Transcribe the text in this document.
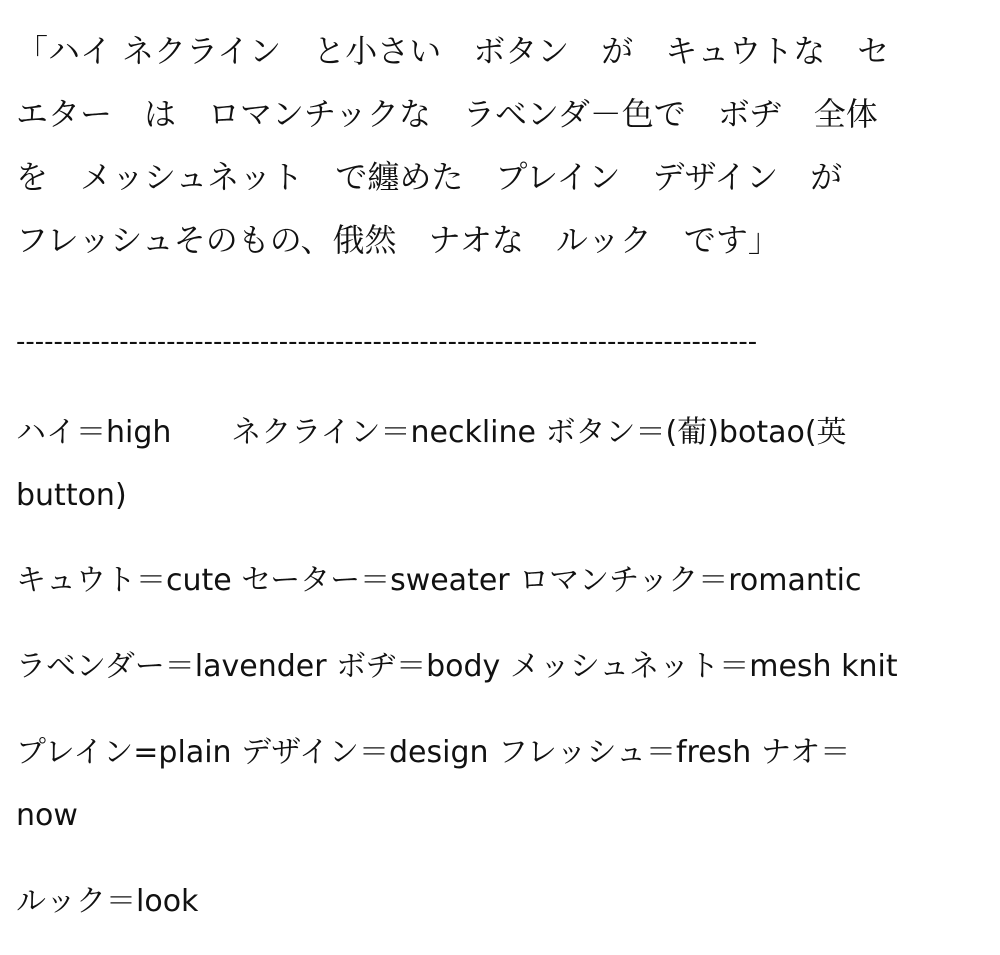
「ハイ ネクライン　と小さい　ボタン　が　キュウトな　セ
エター　は　ロマンチックな　ラベンダ－色で　ボヂ　全体
を　メッシュネット　で纏めた　プレイン　デザイン　が
フレッシュそのもの、俄然　ナオな　ルック　です」
-------------------------------------------------------------------------------
ハイ＝high　　ネクライン＝neckline ボタン＝(葡)botao(英
button)
キュウト＝cute セーター＝sweater ロマンチック＝romantic
ラベンダー＝lavender ボヂ＝body メッシュネット＝mesh knit
プレイン=plain デザイン＝design フレッシュ＝fresh ナオ＝
now
ルック＝look
